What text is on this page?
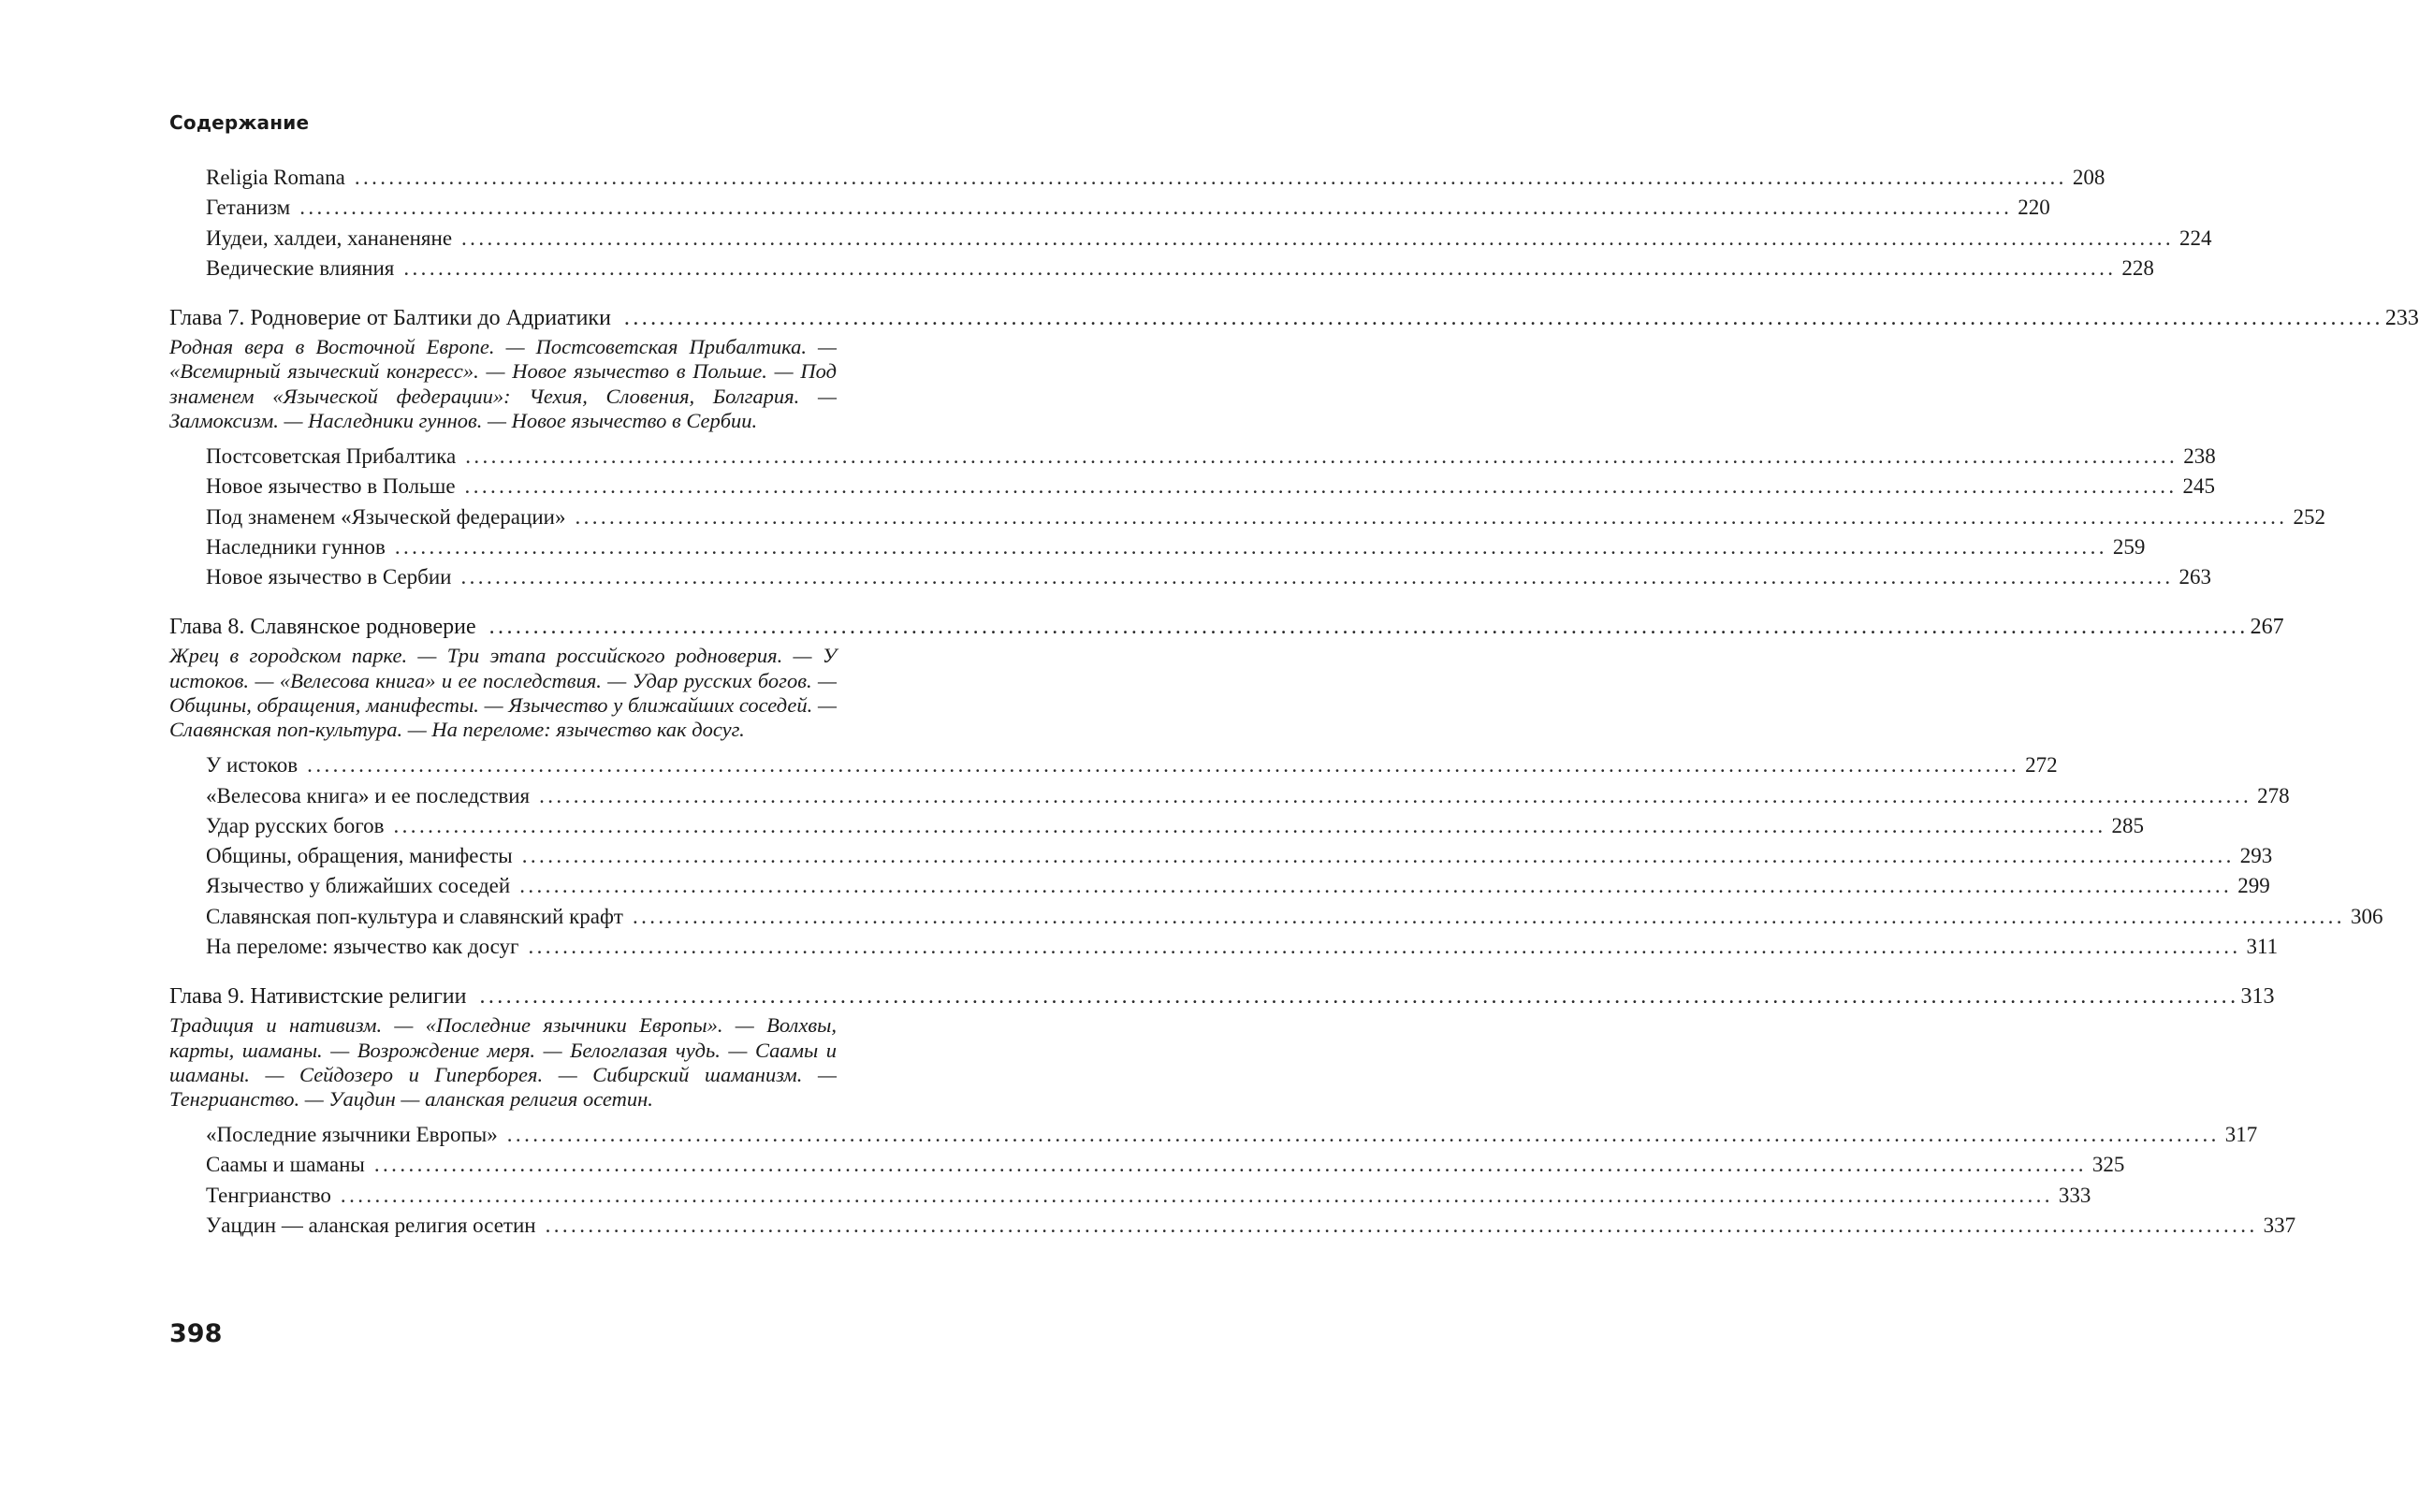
Содержание
Religia Romana ........................................................................................................................................................................................................ 208
Гетанизм ........................................................................................................................................................................................................ 220
Иудеи, халдеи, хананеняне ........................................................................................................................................................................................................ 224
Ведические влияния ........................................................................................................................................................................................................ 228
Глава 7. Родноверие от Балтики до Адриатики ........................................................................................................................................................................................................ 233
Родная вера в Восточной Европе. — Постсоветская Прибалтика. — «Всемирный языческий конгресс». — Новое язычество в Польше. — Под знаменем «Языческой федерации»: Чехия, Словения, Болгария. — Залмоксизм. — Наследники гуннов. — Новое язычество в Сербии.
Постсоветская Прибалтика ........................................................................................................................................................................................................ 238
Новое язычество в Польше ........................................................................................................................................................................................................ 245
Под знаменем «Языческой федерации» ........................................................................................................................................................................................................ 252
Наследники гуннов ........................................................................................................................................................................................................ 259
Новое язычество в Сербии ........................................................................................................................................................................................................ 263
Глава 8. Славянское родноверие ........................................................................................................................................................................................................ 267
Жрец в городском парке. — Три этапа российского родноверия. — У истоков. — «Велесова книга» и ее последствия. — Удар русских богов. — Общины, обращения, манифесты. — Язычество у ближайших соседей. — Славянская поп-культура. — На переломе: язычество как досуг.
У истоков ........................................................................................................................................................................................................ 272
«Велесова книга» и ее последствия ........................................................................................................................................................................................................ 278
Удар русских богов ........................................................................................................................................................................................................ 285
Общины, обращения, манифесты ........................................................................................................................................................................................................ 293
Язычество у ближайших соседей ........................................................................................................................................................................................................ 299
Славянская поп-культура и славянский крафт ........................................................................................................................................................................................................ 306
На переломе: язычество как досуг ........................................................................................................................................................................................................ 311
Глава 9. Нативистские религии ........................................................................................................................................................................................................ 313
Традиция и нативизм. — «Последние язычники Европы». — Волхвы, карты, шаманы. — Возрождение меря. — Белоглазая чудь. — Саамы и шаманы. — Сейдозеро и Гиперборея. — Сибирский шаманизм. — Тенгрианство. — Уацдин — аланская религия осетин.
«Последние язычники Европы» ........................................................................................................................................................................................................ 317
Саамы и шаманы ........................................................................................................................................................................................................ 325
Тенгрианство ........................................................................................................................................................................................................ 333
Уацдин — аланская религия осетин ........................................................................................................................................................................................................ 337
398
